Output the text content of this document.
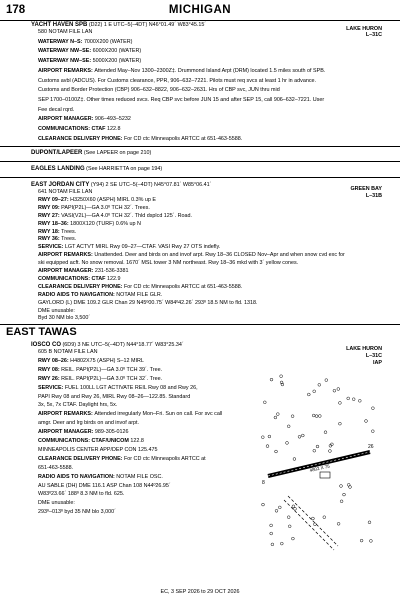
178	MICHIGAN
YACHT HAVEN SPB (D22) 1 E UTC–5(–4DT) N46°01.49´ W83°45.15´
LAKE HURON
L–31C
580 NOTAM FILE LAN
WATERWAY N–S: 7000X200 (WATER)
WATERWAY NW–SE: 6000X200 (WATER)
WATERWAY NW–SE: 5000X200 (WATER)
AIRPORT REMARKS: Attended May–Nov 1300–2300Z‡. Drummond Island Arpt (DRM) located 1.5 miles south of SPB.
Customs avbl (ADCUS). For Customs clearance, PPR, 906–632–7221. Pilots must req svcs at least 1 hr in advance.
Customs and Border Protection (CBP) 906–632–8822, 906–632–2631. Hrs of CBP svc, JUN thru mid
SEP 1700–0100Z‡. Other times reduced svcs. Req CBP svc before JUN 15 and after SEP 15, call 906–632–7221. User
Fee decal rqrd.
AIRPORT MANAGER: 906–493–5232
COMMUNICATIONS: CTAF 122.8
CLEARANCE DELIVERY PHONE: For CD ctc Minneapolis ARTCC at 651-463-5588.
DUPONT/LAPEER (See LAPEER on page 210)
EAGLES LANDING (See HARRIETTA on page 194)
EAST JORDAN CITY (Y94) 2 SE UTC–5(–4DT) N45°07.81´ W85°06.41´
GREEN BAY
L–31B
641 NOTAM FILE LAN
RWY 09–27: H3250X60 (ASPH) MIRL 0.3% up E
RWY 09: PAPI(P2L)—GA 3.0º TCH 32´. Trees.
RWY 27: VASI(V2L)—GA 4.0º TCH 32´. Thld dsplcd 125´. Road.
RWY 18–36: 1800X120 (TURF) 0.6% up N
RWY 18: Trees.
RWY 36: Trees.
SERVICE: LGT ACTVT MIRL Rwy 09–27—CTAF. VASI Rwy 27 OTS indefly.
AIRPORT REMARKS: Unattended. Deer and birds on and invof arpt. Rwy 18–36 CLOSED Nov–Apr and when snow cvd exc for
ski equipped acft. No snow removal. 1670´ MSL tower 3 NM northeast. Rwy 18–36 mkd with 3´ yellow cones.
AIRPORT MANAGER: 231-536-3381
COMMUNICATIONS: CTAF 122.9
CLEARANCE DELIVERY PHONE: For CD ctc Minneapolis ARTCC at 651-463-5588.
RADIO AIDS TO NAVIGATION: NOTAM FILE GLR.
GAYLORD (L) DME 109.2 GLR Chan 29 N45º00.75´ W84º42.26´ 293º 18.5 NM to fld. 1318.
DME unusable:
Byd 30 NM blo 3,500´
EAST TAWAS
IOSCO CO (6D9) 3 NE UTC–5(–4DT) N44°18.77´ W83°25.34´
LAKE HURON
L–31C
IAP
605 B NOTAM FILE LAN
RWY 08–26: H4802X75 (ASPH) S–12 MIRL
RWY 08: REIL. PAPI(P2L)—GA 3.0º TCH 39´. Tree.
RWY 26: REIL. PAPI(P2L)—GA 3.0º TCH 32´. Tree.
SERVICE: FUEL 100LL LGT ACTIVATE REIL Rwy 08 and Rwy 26,
PAPI Rwy 08 and Rwy 26, MIRL Rwy 08–26—122.85. Standard
3x, 5x, 7x CTAF. Daylight hrs, 5x.
AIRPORT REMARKS: Attended irregularly Mon–Fri. Sun on call. For svc call
amgr. Deer and lrg birds on and invof arpt.
AIRPORT MANAGER: 989-305-0126
COMMUNICATIONS: CTAF/UNICOM 122.8
MINNEAPOLIS CENTER APP/DEP CON 125.475
CLEARANCE DELIVERY PHONE: For CD ctc Minneapolis ARTCC at
651-463-5588.
RADIO AIDS TO NAVIGATION: NOTAM FILE OSC.
AU SABLE (DH) DME 116.1 ASP Chan 108 N44º26.95´
W83º23.66´ 188º 8.3 NM to fld. 625.
DME unusable:
293º–013º byd 35 NM blo 3,000´
4802 X 75
8
26
EC, 3 SEP 2026 to 29 OCT 2026
